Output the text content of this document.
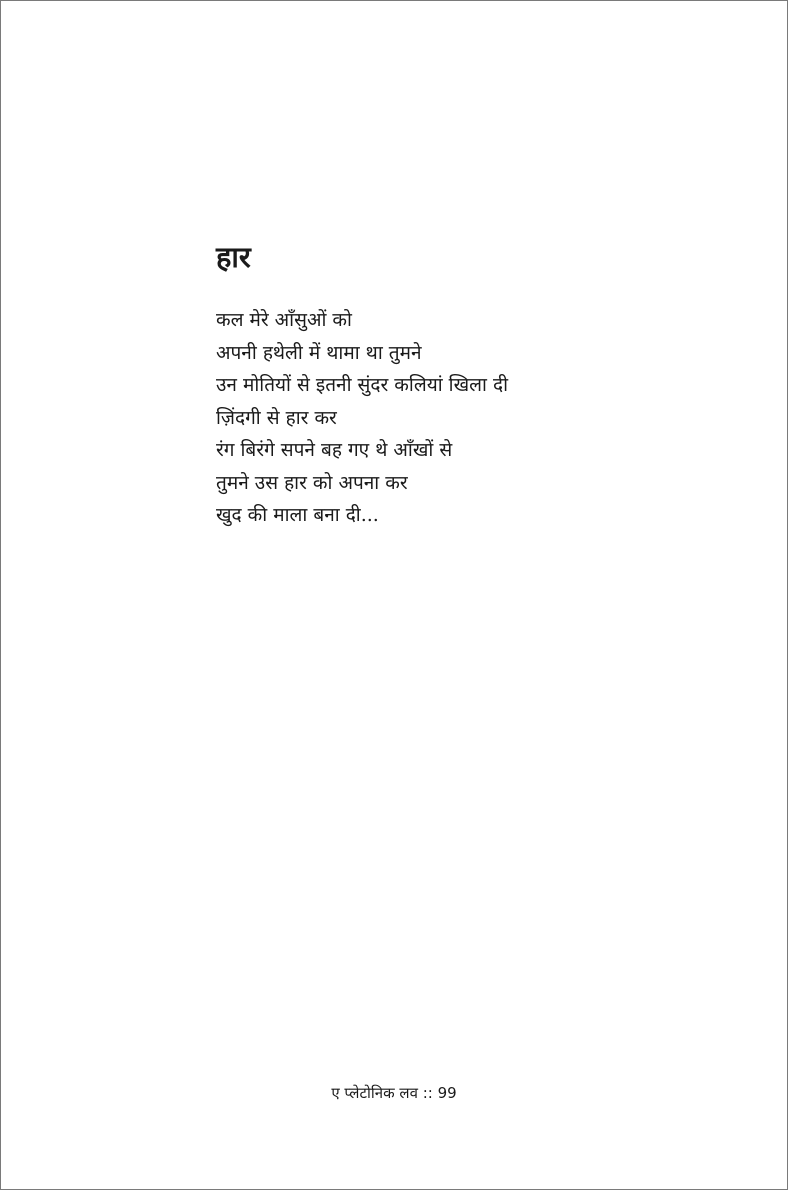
हार
कल मेरे आँसुओं को
अपनी हथेली में थामा था तुमने
उन मोतियों से इतनी सुंदर कलियां खिला दी
ज़िंदगी से हार कर
रंग बिरंगे सपने बह गए थे आँखों से
तुमने उस हार को अपना कर
खुद की माला बना दी...
ए प्लेटोनिक लव :: 99
